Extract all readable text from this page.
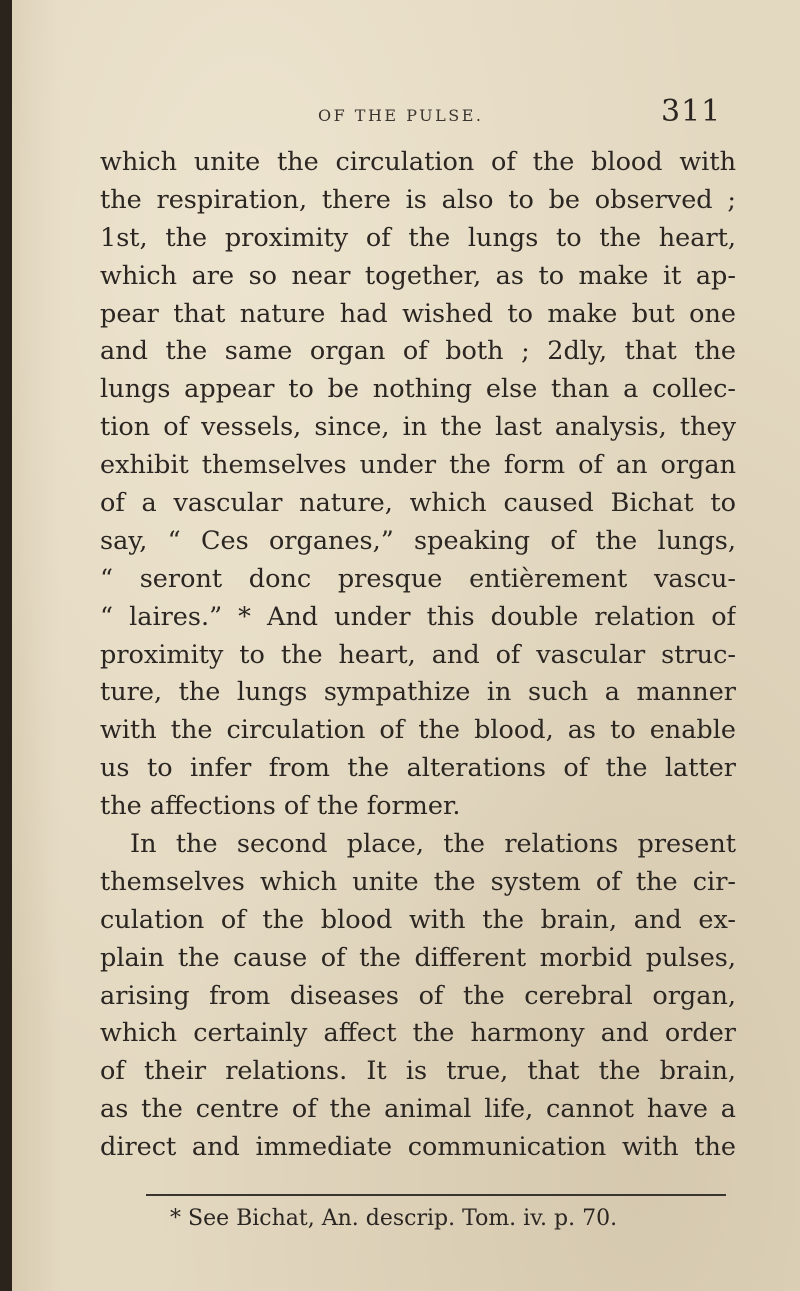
OF THE PULSE.	311
which unite the circulation of the blood with
the respiration, there is also to be observed ;
1st, the proximity of the lungs to the heart,
which are so near together, as to make it ap-
pear that nature had wished to make but one
and the same organ of both ; 2dly, that the
lungs appear to be nothing else than a collec-
tion of vessels, since, in the last analysis, they
exhibit themselves under the form of an organ
of a vascular nature, which caused Bichat to
say, “ Ces organes,” speaking of the lungs,
“ seront donc presque entièrement vascu-
“ laires.” * And under this double relation of
proximity to the heart, and of vascular struc-
ture, the lungs sympathize in such a manner
with the circulation of the blood, as to enable
us to infer from the alterations of the latter
the affections of the former.
In the second place, the relations present
themselves which unite the system of the cir-
culation of the blood with the brain, and ex-
plain the cause of the different morbid pulses,
arising from diseases of the cerebral organ,
which certainly affect the harmony and order
of their relations. It is true, that the brain,
as the centre of the animal life, cannot have a
direct and immediate communication with the
* See Bichat, An. descrip. Tom. iv. p. 70.
